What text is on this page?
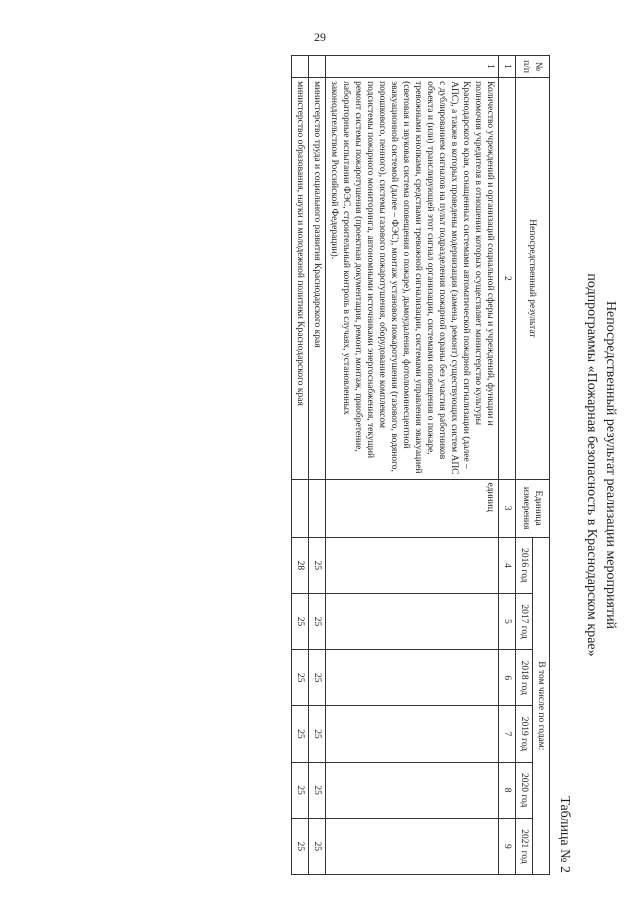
29
Непосредственный результат реализации мероприятий
подпрограммы «Пожарная безопасность в Краснодарском крае»
Таблица № 2
№ п/п	Непосредственный результат	Единица измерения	В том числе по годам:					
			2016 год	2017 год	2018 год	2019 год	2020 год	2021 год
1	2	3	4	5	6	7	8	9
1	Количество учреждений и организаций социальной сферы и учреждений, функции и полномочия учредителя в отношении которых осуществляет министерство культуры Краснодарского края, оснащенных системами автоматической пожарной сигнализации (далее – АПС), а также в которых проведены модернизация (замена, ремонт) существующих систем АПС с дублированием сигналов на пульт подразделения пожарной охраны без участия работников объекта и (или) транслирующей этот сигнал организации, системами оповещения о пожаре, тревожными кнопками, средствами тревожной сигнализации, системами управления эвакуацией (световая и звуковая система оповещения о пожаре), дымоудаления, фотолюминесцентной эвакуационной системой (далее – ФЭС), монтаж установок пожаротушения (газового, водяного, порошкового, пенного), системы газового пожаротушения, оборудование комплексом подсистемы пожарного мониторинга, автономными источниками энергоснабжения, текущий ремонт системы пожаротушения (проектная документация, ремонт, монтаж, приобретение, лабораторные испытания ФЭС, строительный контроль в случаях, установленных законодательством Российской Федерации).	единиц						
	министерство труда и социального развития Краснодарского края		25	25	25	25	25	25
	министерство образования, науки и молодежной политики Краснодарского края		28	25	25	25	25	25
